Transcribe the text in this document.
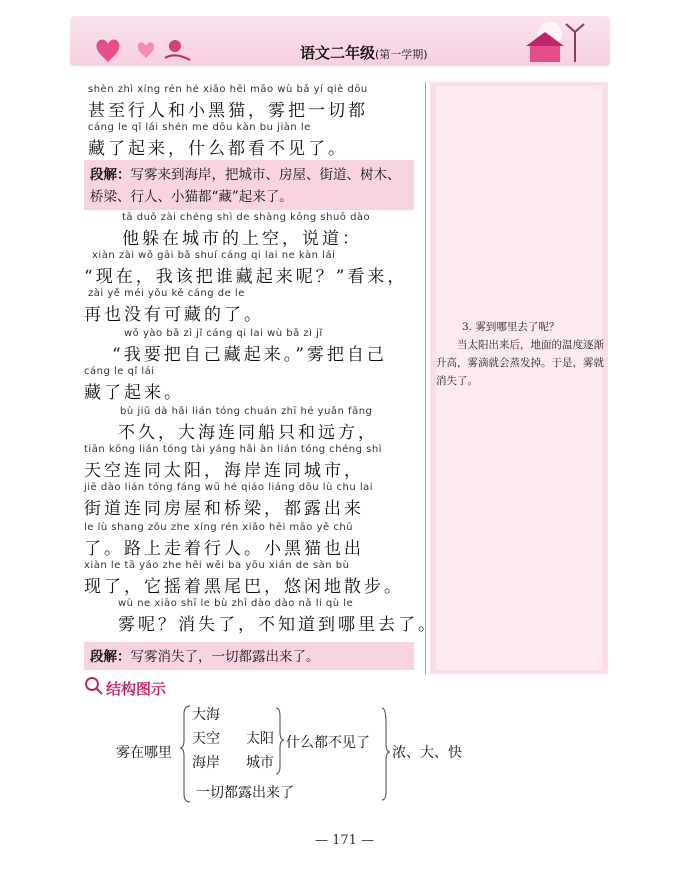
语文二年级(第一学期)
3. 雾到哪里去了呢？
当太阳出来后，地面的温度逐渐升高，雾滴就会蒸发掉。于是，雾就消失了。
shèn zhì xíng rén hé xiǎo hēi māo wù bǎ yí qiè dōu
甚至行人和小黑猫，雾把一切都
cáng le qǐ lái shén me dōu kàn bu jiàn le
藏了起来，什么都看不见了。
段解：写雾来到海岸，把城市、房屋、街道、树木、桥梁、行人、小猫都“藏”起来了。
tā duǒ zài chéng shì de shàng kōng shuō dào
他躲在城市的上空，说道：
xiàn zài wǒ gāi bǎ shuí cáng qi lai ne kàn lái
“现在，我该把谁藏起来呢？”看来，
zài yě méi yǒu kě cáng de le
再也没有可藏的了。
wǒ yào bǎ zì jǐ cáng qi lai wù bǎ zì jǐ
“我要把自己藏起来。”雾把自己
cáng le qǐ lái
藏了起来。
bù jiǔ dà hǎi lián tóng chuán zhī hé yuǎn fāng
不久，大海连同船只和远方，
tiān kōng lián tóng tài yáng hǎi àn lián tóng chéng shì
天空连同太阳，海岸连同城市，
jiē dào lián tóng fáng wū hé qiáo liáng dōu lù chu lai
街道连同房屋和桥梁，都露出来
le lù shang zǒu zhe xíng rén xiǎo hēi māo yě chū
了。路上走着行人。小黑猫也出
xiàn le tā yáo zhe hēi wěi ba yōu xián de sàn bù
现了，它摇着黑尾巴，悠闲地散步。
wù ne xiāo shī le bù zhī dào dào nǎ li qù le
雾呢？消失了，不知道到哪里去了。
段解：写雾消失了，一切都露出来了。
结构图示
雾在哪里
大海
天空 太阳
海岸 城市
什么都不见了
一切都露出来了
浓、大、快
— 171 —
